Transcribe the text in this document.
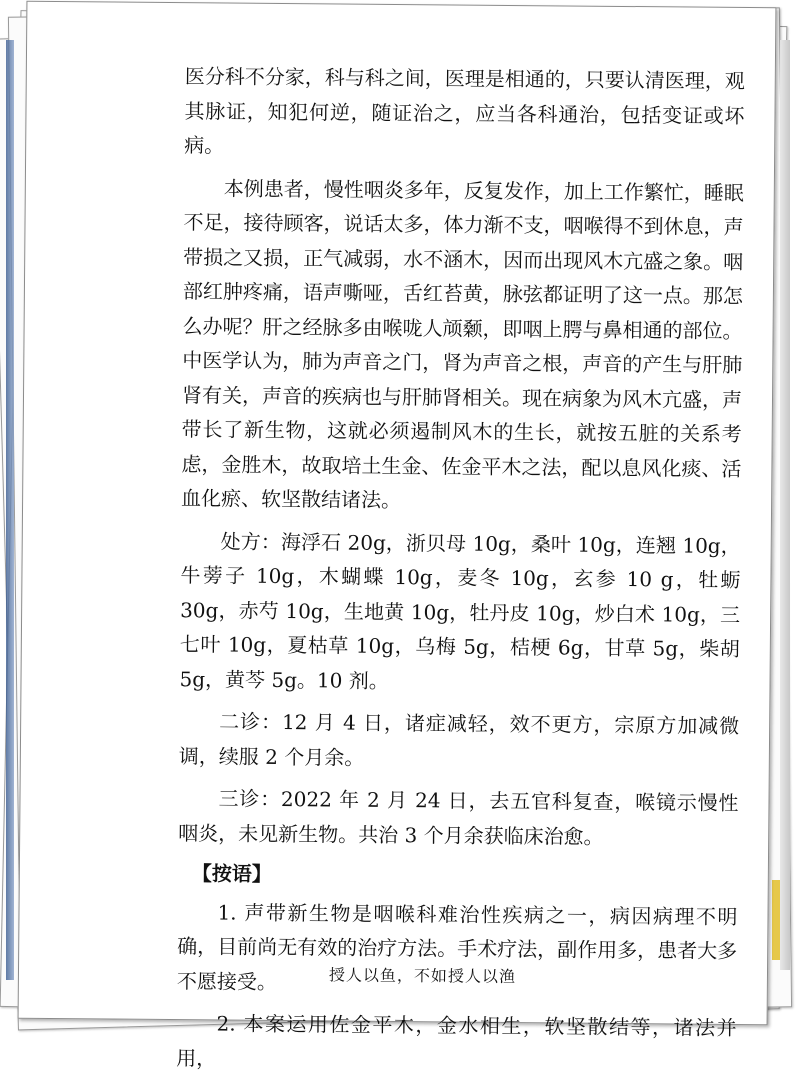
医分科不分家，科与科之间，医理是相通的，只要认清医理，观其脉证，知犯何逆，随证治之，应当各科通治，包括变证或坏病。

本例患者，慢性咽炎多年，反复发作，加上工作繁忙，睡眠不足，接待顾客，说话太多，体力渐不支，咽喉得不到休息，声带损之又损，正气减弱，水不涵木，因而出现风木亢盛之象。咽部红肿疼痛，语声嘶哑，舌红苔黄，脉弦都证明了这一点。那怎么办呢？肝之经脉多由喉咙人颃颡，即咽上腭与鼻相通的部位。中医学认为，肺为声音之门，肾为声音之根，声音的产生与肝肺肾有关，声音的疾病也与肝肺肾相关。现在病象为风木亢盛，声带长了新生物，这就必须遏制风木的生长，就按五脏的关系考虑，金胜木，故取培土生金、佐金平木之法，配以息风化痰、活血化瘀、软坚散结诸法。

处方：海浮石 20g，浙贝母 10g，桑叶 10g，连翘 10g，牛蒡子 10g，木蝴蝶 10g，麦冬 10g，玄参 10 g，牡蛎 30g，赤芍 10g，生地黄 10g，牡丹皮 10g，炒白术 10g，三七叶 10g，夏枯草 10g，乌梅 5g，桔梗 6g，甘草 5g，柴胡 5g，黄芩 5g。10 剂。

二诊：12 月 4 日，诸症减轻，效不更方，宗原方加减微调，续服 2 个月余。

三诊：2022 年 2 月 24 日，去五官科复查，喉镜示慢性咽炎，未见新生物。共治 3 个月余获临床治愈。

【按语】

1. 声带新生物是咽喉科难治性疾病之一，病因病理不明确，目前尚无有效的治疗方法。手术疗法，副作用多，患者大多不愿接受。

2. 本案运用佐金平木，金水相生，软坚散结等，诸法并用，

授人以鱼，不如授人以渔
